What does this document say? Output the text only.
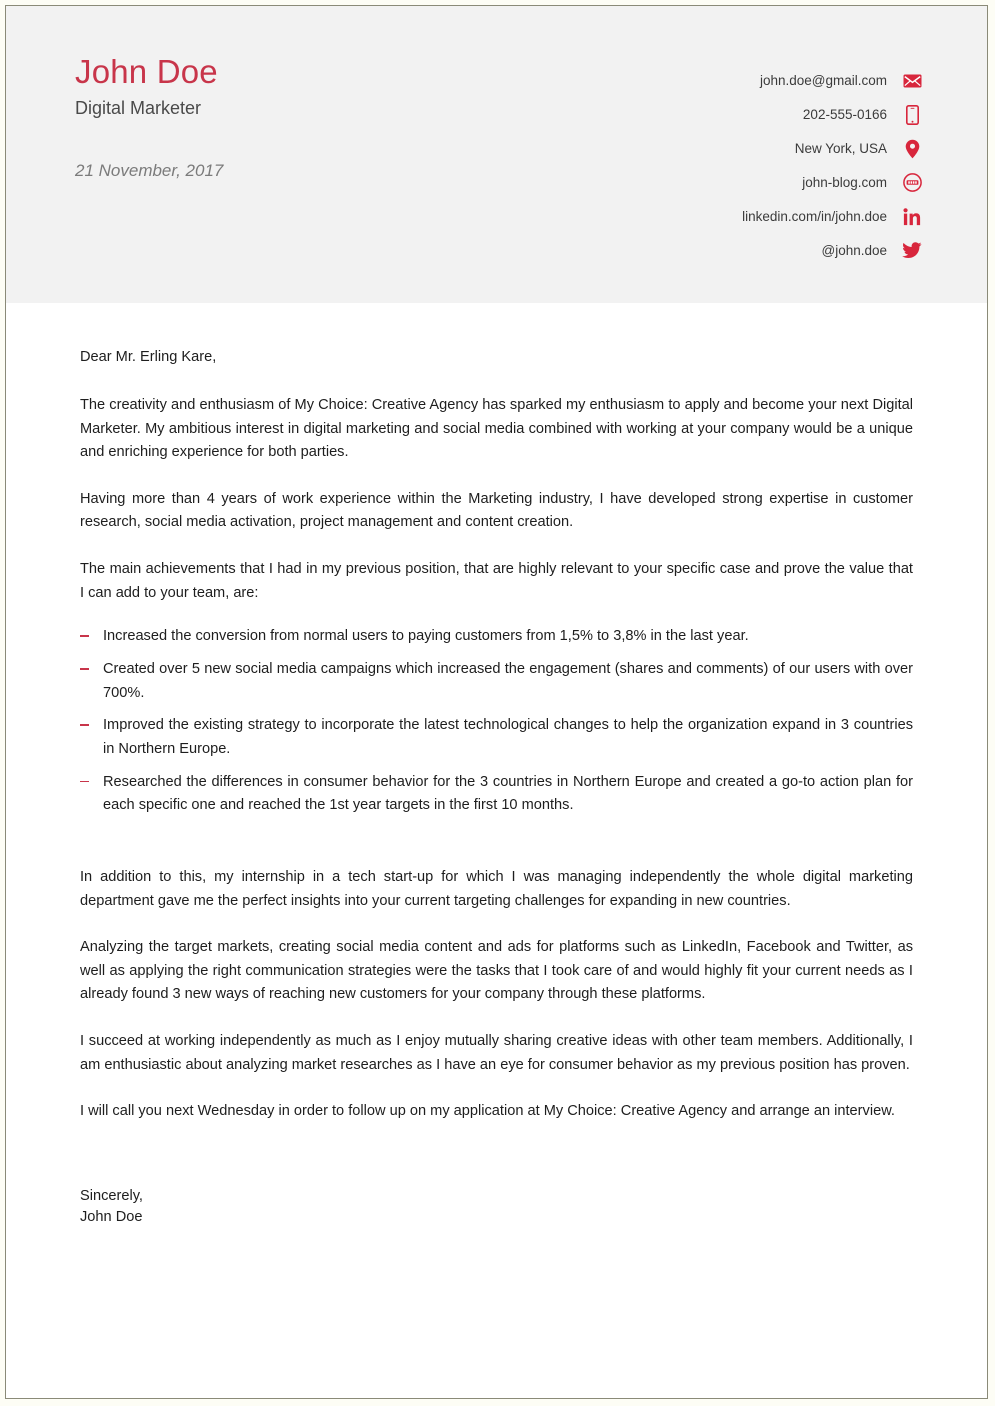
John Doe
Digital Marketer
21 November, 2017
john.doe@gmail.com
202-555-0166
New York, USA
john-blog.com
linkedin.com/in/john.doe
@john.doe

Dear Mr. Erling Kare,

The creativity and enthusiasm of My Choice: Creative Agency has sparked my enthusiasm to apply and become your next Digital Marketer. My ambitious interest in digital marketing and social media combined with working at your company would be a unique and enriching experience for both parties.

Having more than 4 years of work experience within the Marketing industry, I have developed strong expertise in customer research, social media activation, project management and content creation.

The main achievements that I had in my previous position, that are highly relevant to your specific case and prove the value that I can add to your team, are:

Increased the conversion from normal users to paying customers from 1,5% to 3,8% in the last year.
Created over 5 new social media campaigns which increased the engagement (shares and comments) of our users with over 700%.
Improved the existing strategy to incorporate the latest technological changes to help the organization expand in 3 countries in Northern Europe.
Researched the differences in consumer behavior for the 3 countries in Northern Europe and created a go-to action plan for each specific one and reached the 1st year targets in the first 10 months.

In addition to this, my internship in a tech start-up for which I was managing independently the whole digital marketing department gave me the perfect insights into your current targeting challenges for expanding in new countries.

Analyzing the target markets, creating social media content and ads for platforms such as LinkedIn, Facebook and Twitter, as well as applying the right communication strategies were the tasks that I took care of and would highly fit your current needs as I already found 3 new ways of reaching new customers for your company through these platforms.

I succeed at working independently as much as I enjoy mutually sharing creative ideas with other team members. Additionally, I am enthusiastic about analyzing market researches as I have an eye for consumer behavior as my previous position has proven.

I will call you next Wednesday in order to follow up on my application at My Choice: Creative Agency and arrange an interview.

Sincerely,
John Doe
